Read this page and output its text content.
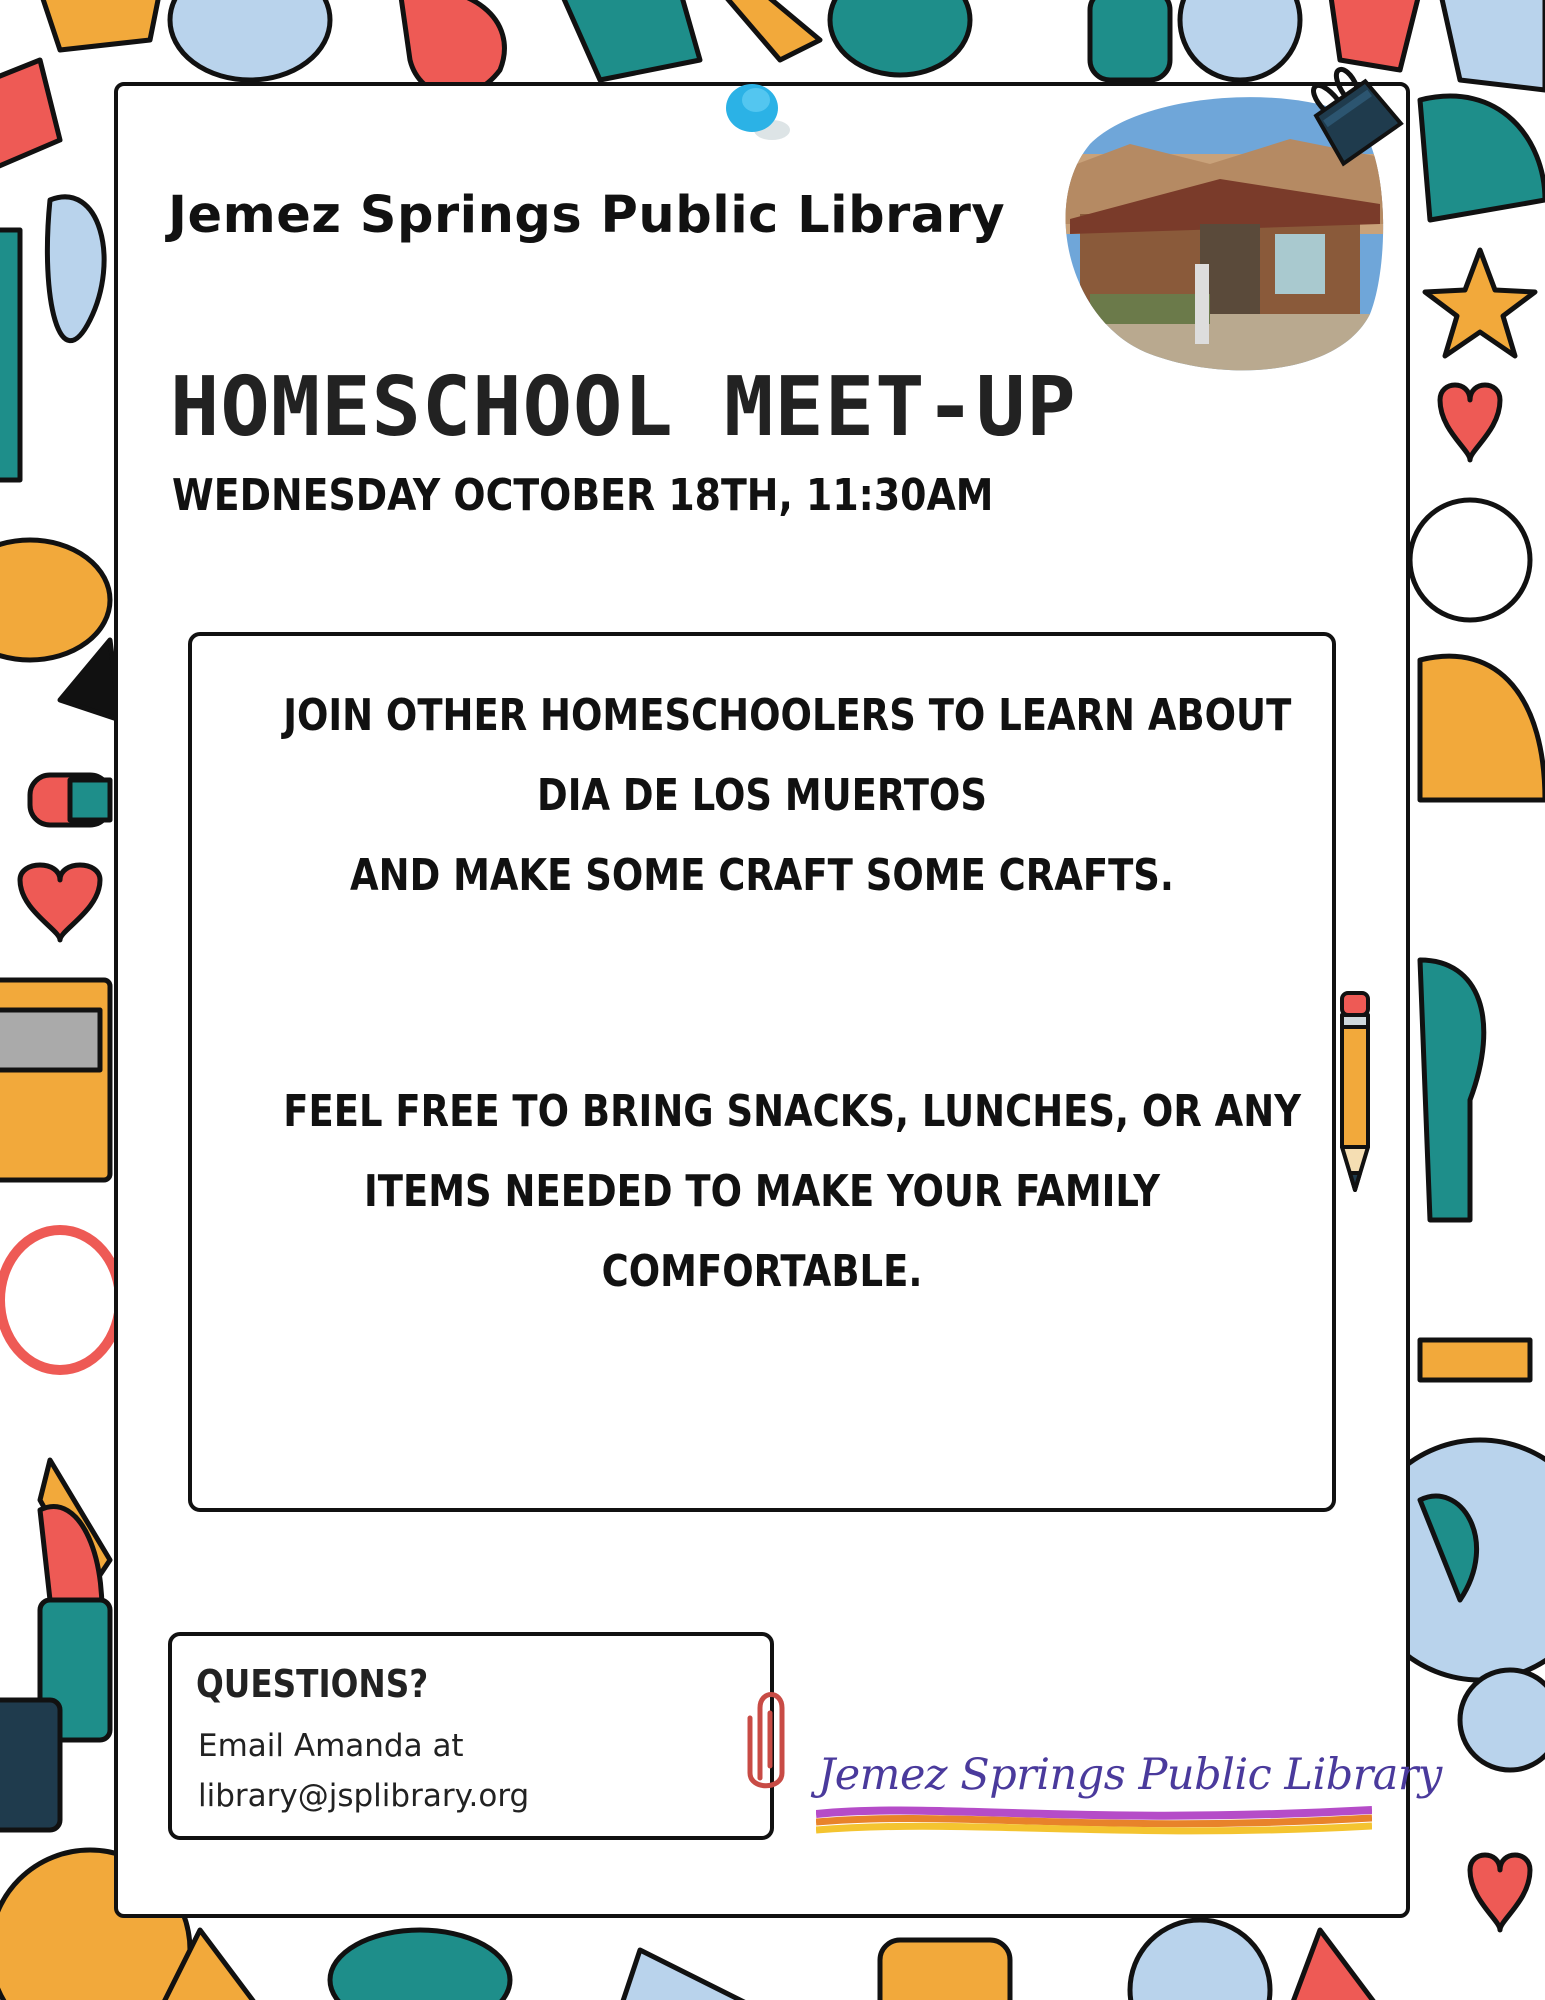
Jemez Springs Public Library
HOMESCHOOL MEET-UP

WEDNESDAY OCTOBER 18TH, 11:30AM

JOIN OTHER HOMESCHOOLERS TO LEARN ABOUT
DIA DE LOS MUERTOS
AND MAKE SOME CRAFT SOME CRAFTS.

FEEL FREE TO BRING SNACKS, LUNCHES, OR ANY
ITEMS NEEDED TO MAKE YOUR FAMILY
COMFORTABLE.

QUESTIONS?

Email Amanda at

library@jsplibrary.org	Jemez Springs Public Library
